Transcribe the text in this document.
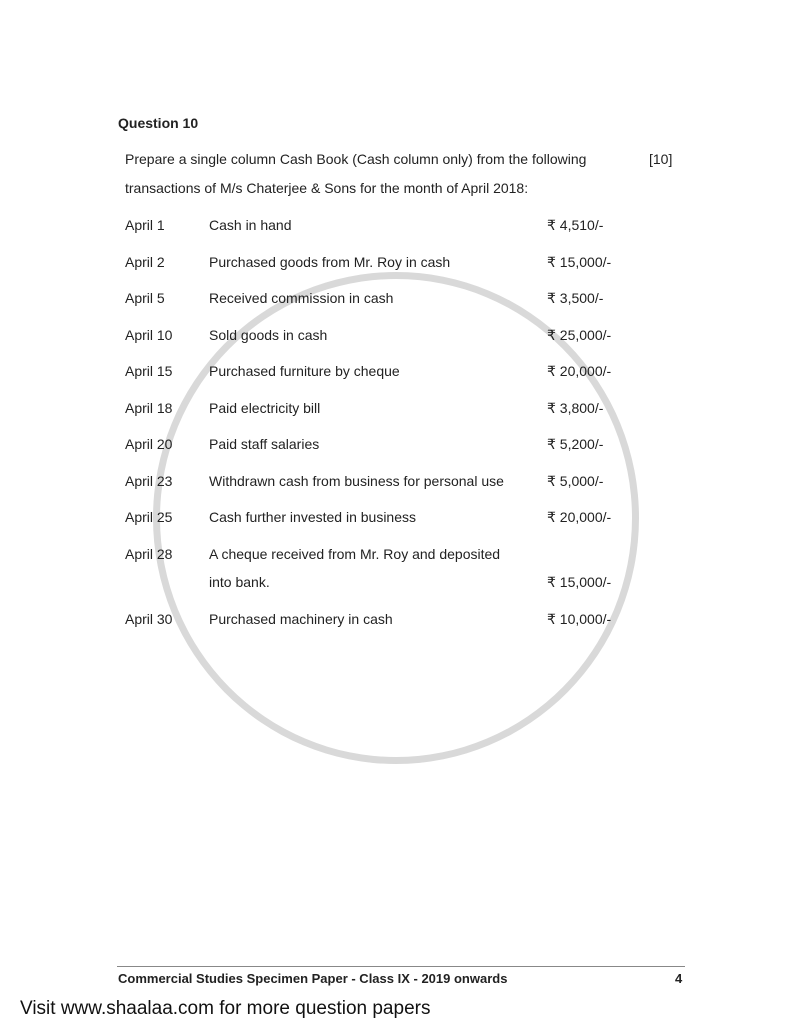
Question 10
Prepare a single column Cash Book (Cash column only) from the following	[10]
transactions of M/s Chaterjee & Sons for the month of April 2018:
April 1	Cash in hand	₹ 4,510/-
April 2	Purchased goods from Mr. Roy in cash	₹ 15,000/-
April 5	Received commission in cash	₹ 3,500/-
April 10	Sold goods in cash	₹ 25,000/-
April 15	Purchased furniture by cheque	₹ 20,000/-
April 18	Paid electricity bill	₹ 3,800/-
April 20	Paid staff salaries	₹ 5,200/-
April 23	Withdrawn cash from business for personal use	₹ 5,000/-
April 25	Cash further invested in business	₹ 20,000/-
April 28	A cheque received from Mr. Roy and deposited
into bank.	₹ 15,000/-
April 30	Purchased machinery in cash	₹ 10,000/-
Commercial Studies Specimen Paper - Class IX - 2019 onwards	4
Visit www.shaalaa.com for more question papers
